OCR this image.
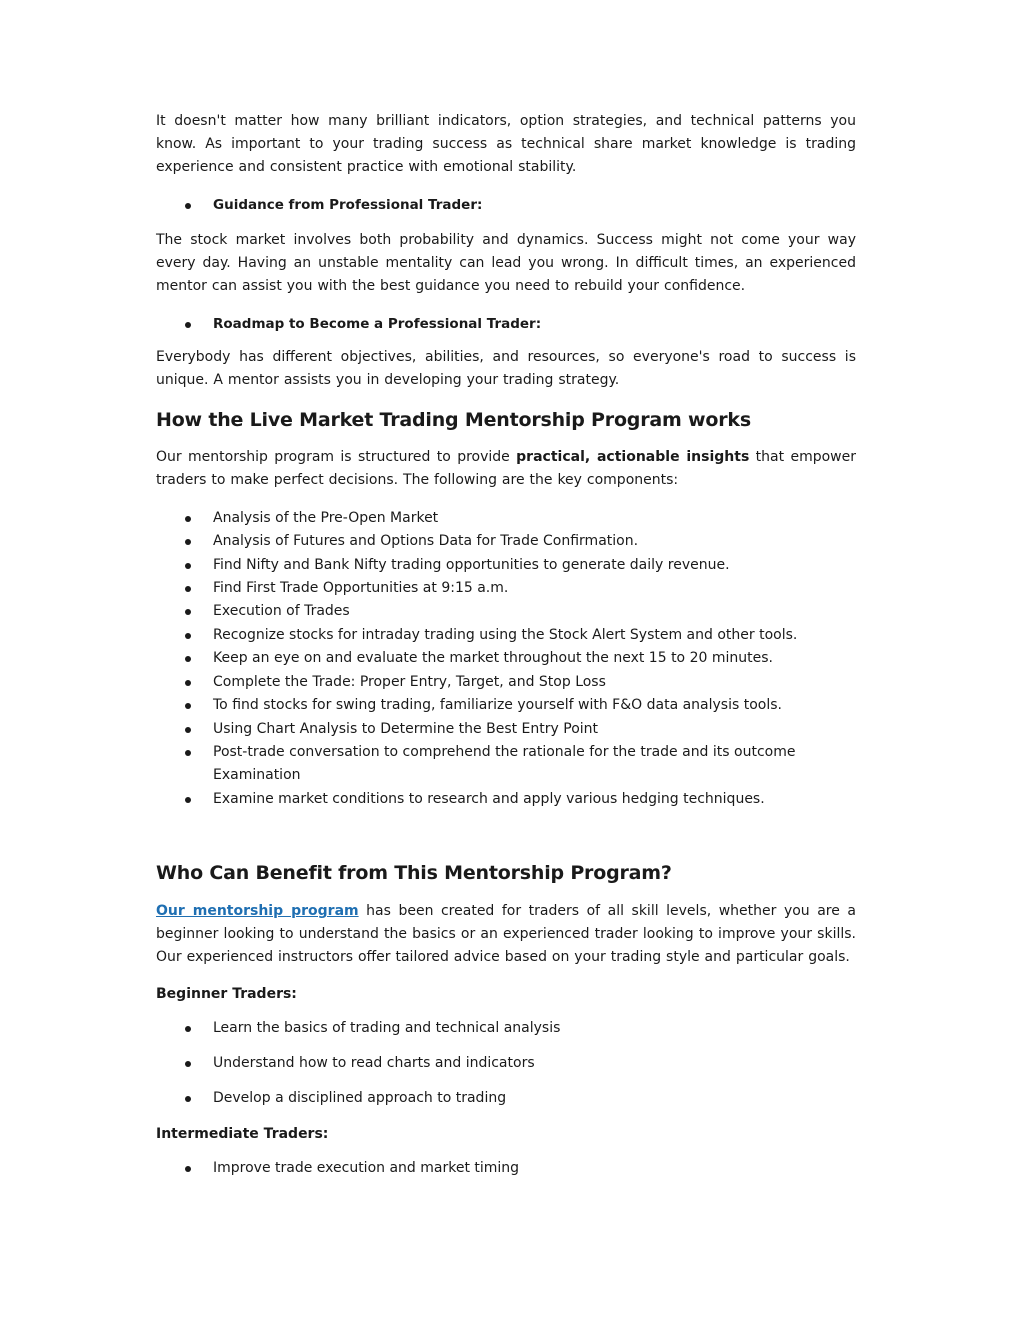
It doesn't matter how many brilliant indicators, option strategies, and technical patterns you know. As important to your trading success as technical share market knowledge is trading experience and consistent practice with emotional stability.

Guidance from Professional Trader:

The stock market involves both probability and dynamics. Success might not come your way every day. Having an unstable mentality can lead you wrong. In difficult times, an experienced mentor can assist you with the best guidance you need to rebuild your confidence.

Roadmap to Become a Professional Trader:

Everybody has different objectives, abilities, and resources, so everyone's road to success is unique. A mentor assists you in developing your trading strategy.

How the Live Market Trading Mentorship Program works

Our mentorship program is structured to provide practical, actionable insights that empower traders to make perfect decisions. The following are the key components:

Analysis of the Pre-Open Market
Analysis of Futures and Options Data for Trade Confirmation.
Find Nifty and Bank Nifty trading opportunities to generate daily revenue.
Find First Trade Opportunities at 9:15 a.m.
Execution of Trades
Recognize stocks for intraday trading using the Stock Alert System and other tools.
Keep an eye on and evaluate the market throughout the next 15 to 20 minutes.
Complete the Trade: Proper Entry, Target, and Stop Loss
To find stocks for swing trading, familiarize yourself with F&O data analysis tools.
Using Chart Analysis to Determine the Best Entry Point
Post-trade conversation to comprehend the rationale for the trade and its outcome Examination
Examine market conditions to research and apply various hedging techniques.
Who Can Benefit from This Mentorship Program?

Our mentorship program has been created for traders of all skill levels, whether you are a beginner looking to understand the basics or an experienced trader looking to improve your skills. Our experienced instructors offer tailored advice based on your trading style and particular goals.

Beginner Traders:
Learn the basics of trading and technical analysis
Understand how to read charts and indicators
Develop a disciplined approach to trading
Intermediate Traders:
Improve trade execution and market timing
